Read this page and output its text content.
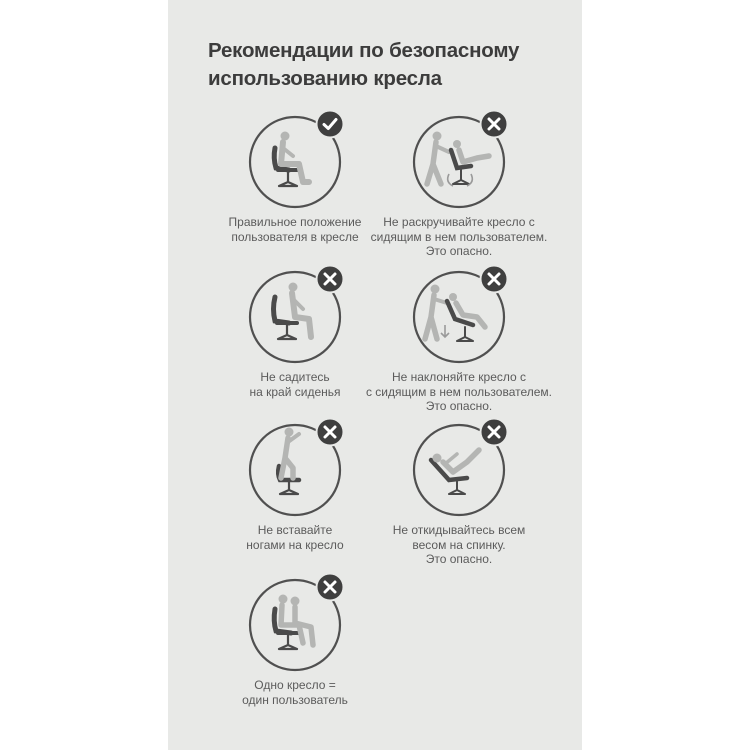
Рекомендации по безопасному
использованию кресла
Правильное положение
пользователя в кресле
Не раскручивайте кресло с
сидящим в нем пользователем.
Это опасно.
Не садитесь
на край сиденья
Не наклоняйте кресло с
с сидящим в нем пользователем.
Это опасно.
Не вставайте
ногами на кресло
Не откидывайтесь всем
весом на спинку.
Это опасно.
Одно кресло =
один пользователь
